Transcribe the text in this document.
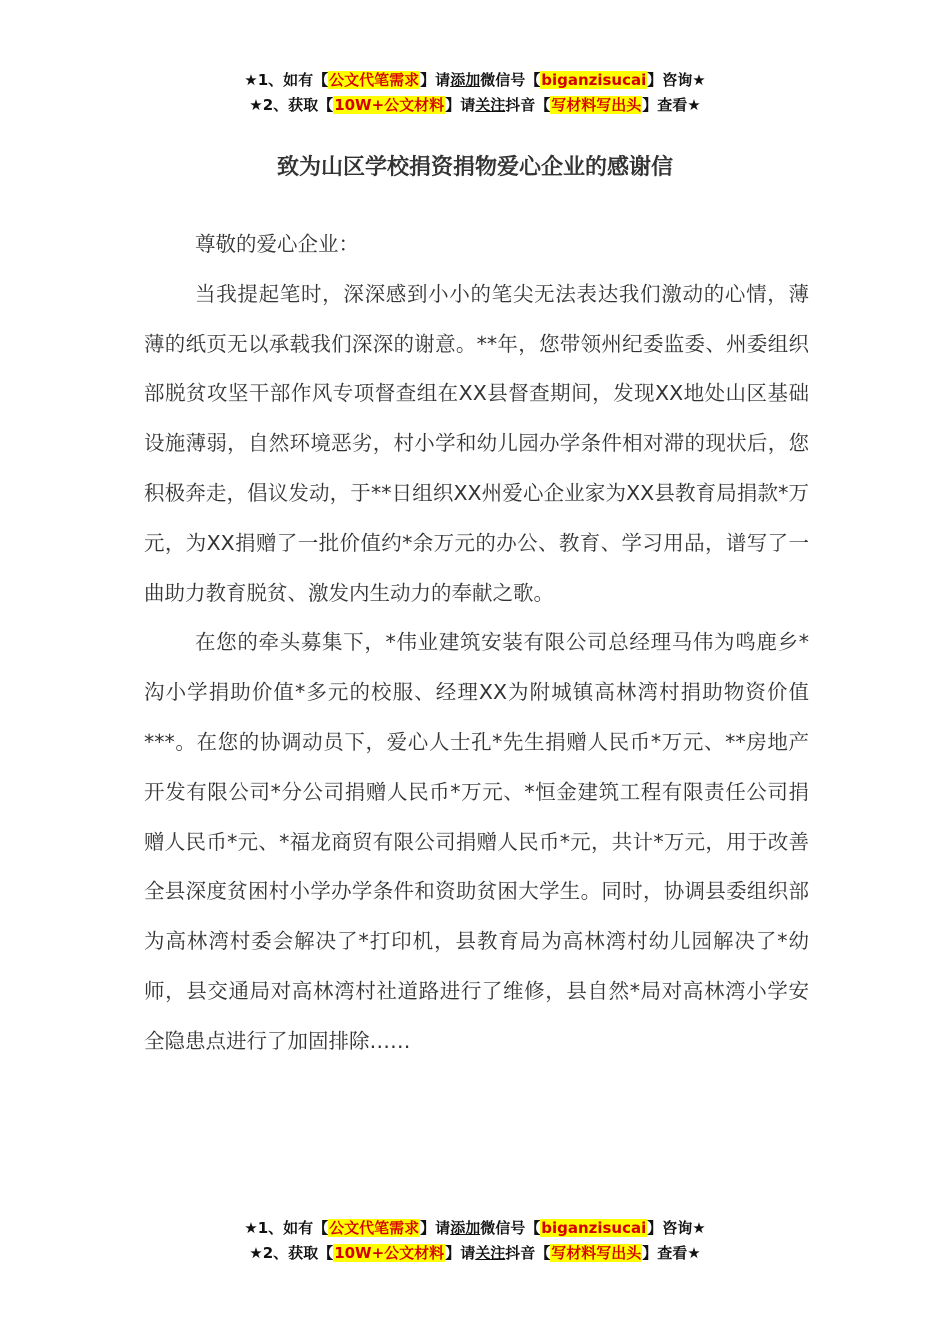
★1、如有【公文代笔需求】请添加微信号【biganzisucai】咨询★
★2、获取【10W+公文材料】请关注抖音【写材料写出头】查看★
致为山区学校捐资捐物爱心企业的感谢信

尊敬的爱心企业：

当我提起笔时，深深感到小小的笔尖无法表达我们激动的心情，薄薄的纸页无以承载我们深深的谢意。**年，您带领州纪委监委、州委组织部脱贫攻坚干部作风专项督查组在XX县督查期间，发现XX地处山区基础设施薄弱，自然环境恶劣，村小学和幼儿园办学条件相对滞的现状后，您积极奔走，倡议发动，于**日组织XX州爱心企业家为XX县教育局捐款*万元，为XX捐赠了一批价值约*余万元的办公、教育、学习用品，谱写了一曲助力教育脱贫、激发内生动力的奉献之歌。

在您的牵头募集下，*伟业建筑安装有限公司总经理马伟为鸣鹿乡*沟小学捐助价值*多元的校服、经理XX为附城镇高林湾村捐助物资价值***。在您的协调动员下，爱心人士孔*先生捐赠人民币*万元、**房地产开发有限公司*分公司捐赠人民币*万元、*恒金建筑工程有限责任公司捐赠人民币*元、*福龙商贸有限公司捐赠人民币*元，共计*万元，用于改善全县深度贫困村小学办学条件和资助贫困大学生。同时，协调县委组织部为高林湾村委会解决了*打印机，县教育局为高林湾村幼儿园解决了*幼师，县交通局对高林湾村社道路进行了维修，县自然*局对高林湾小学安全隐患点进行了加固排除……

★1、如有【公文代笔需求】请添加微信号【biganzisucai】咨询★
★2、获取【10W+公文材料】请关注抖音【写材料写出头】查看★
